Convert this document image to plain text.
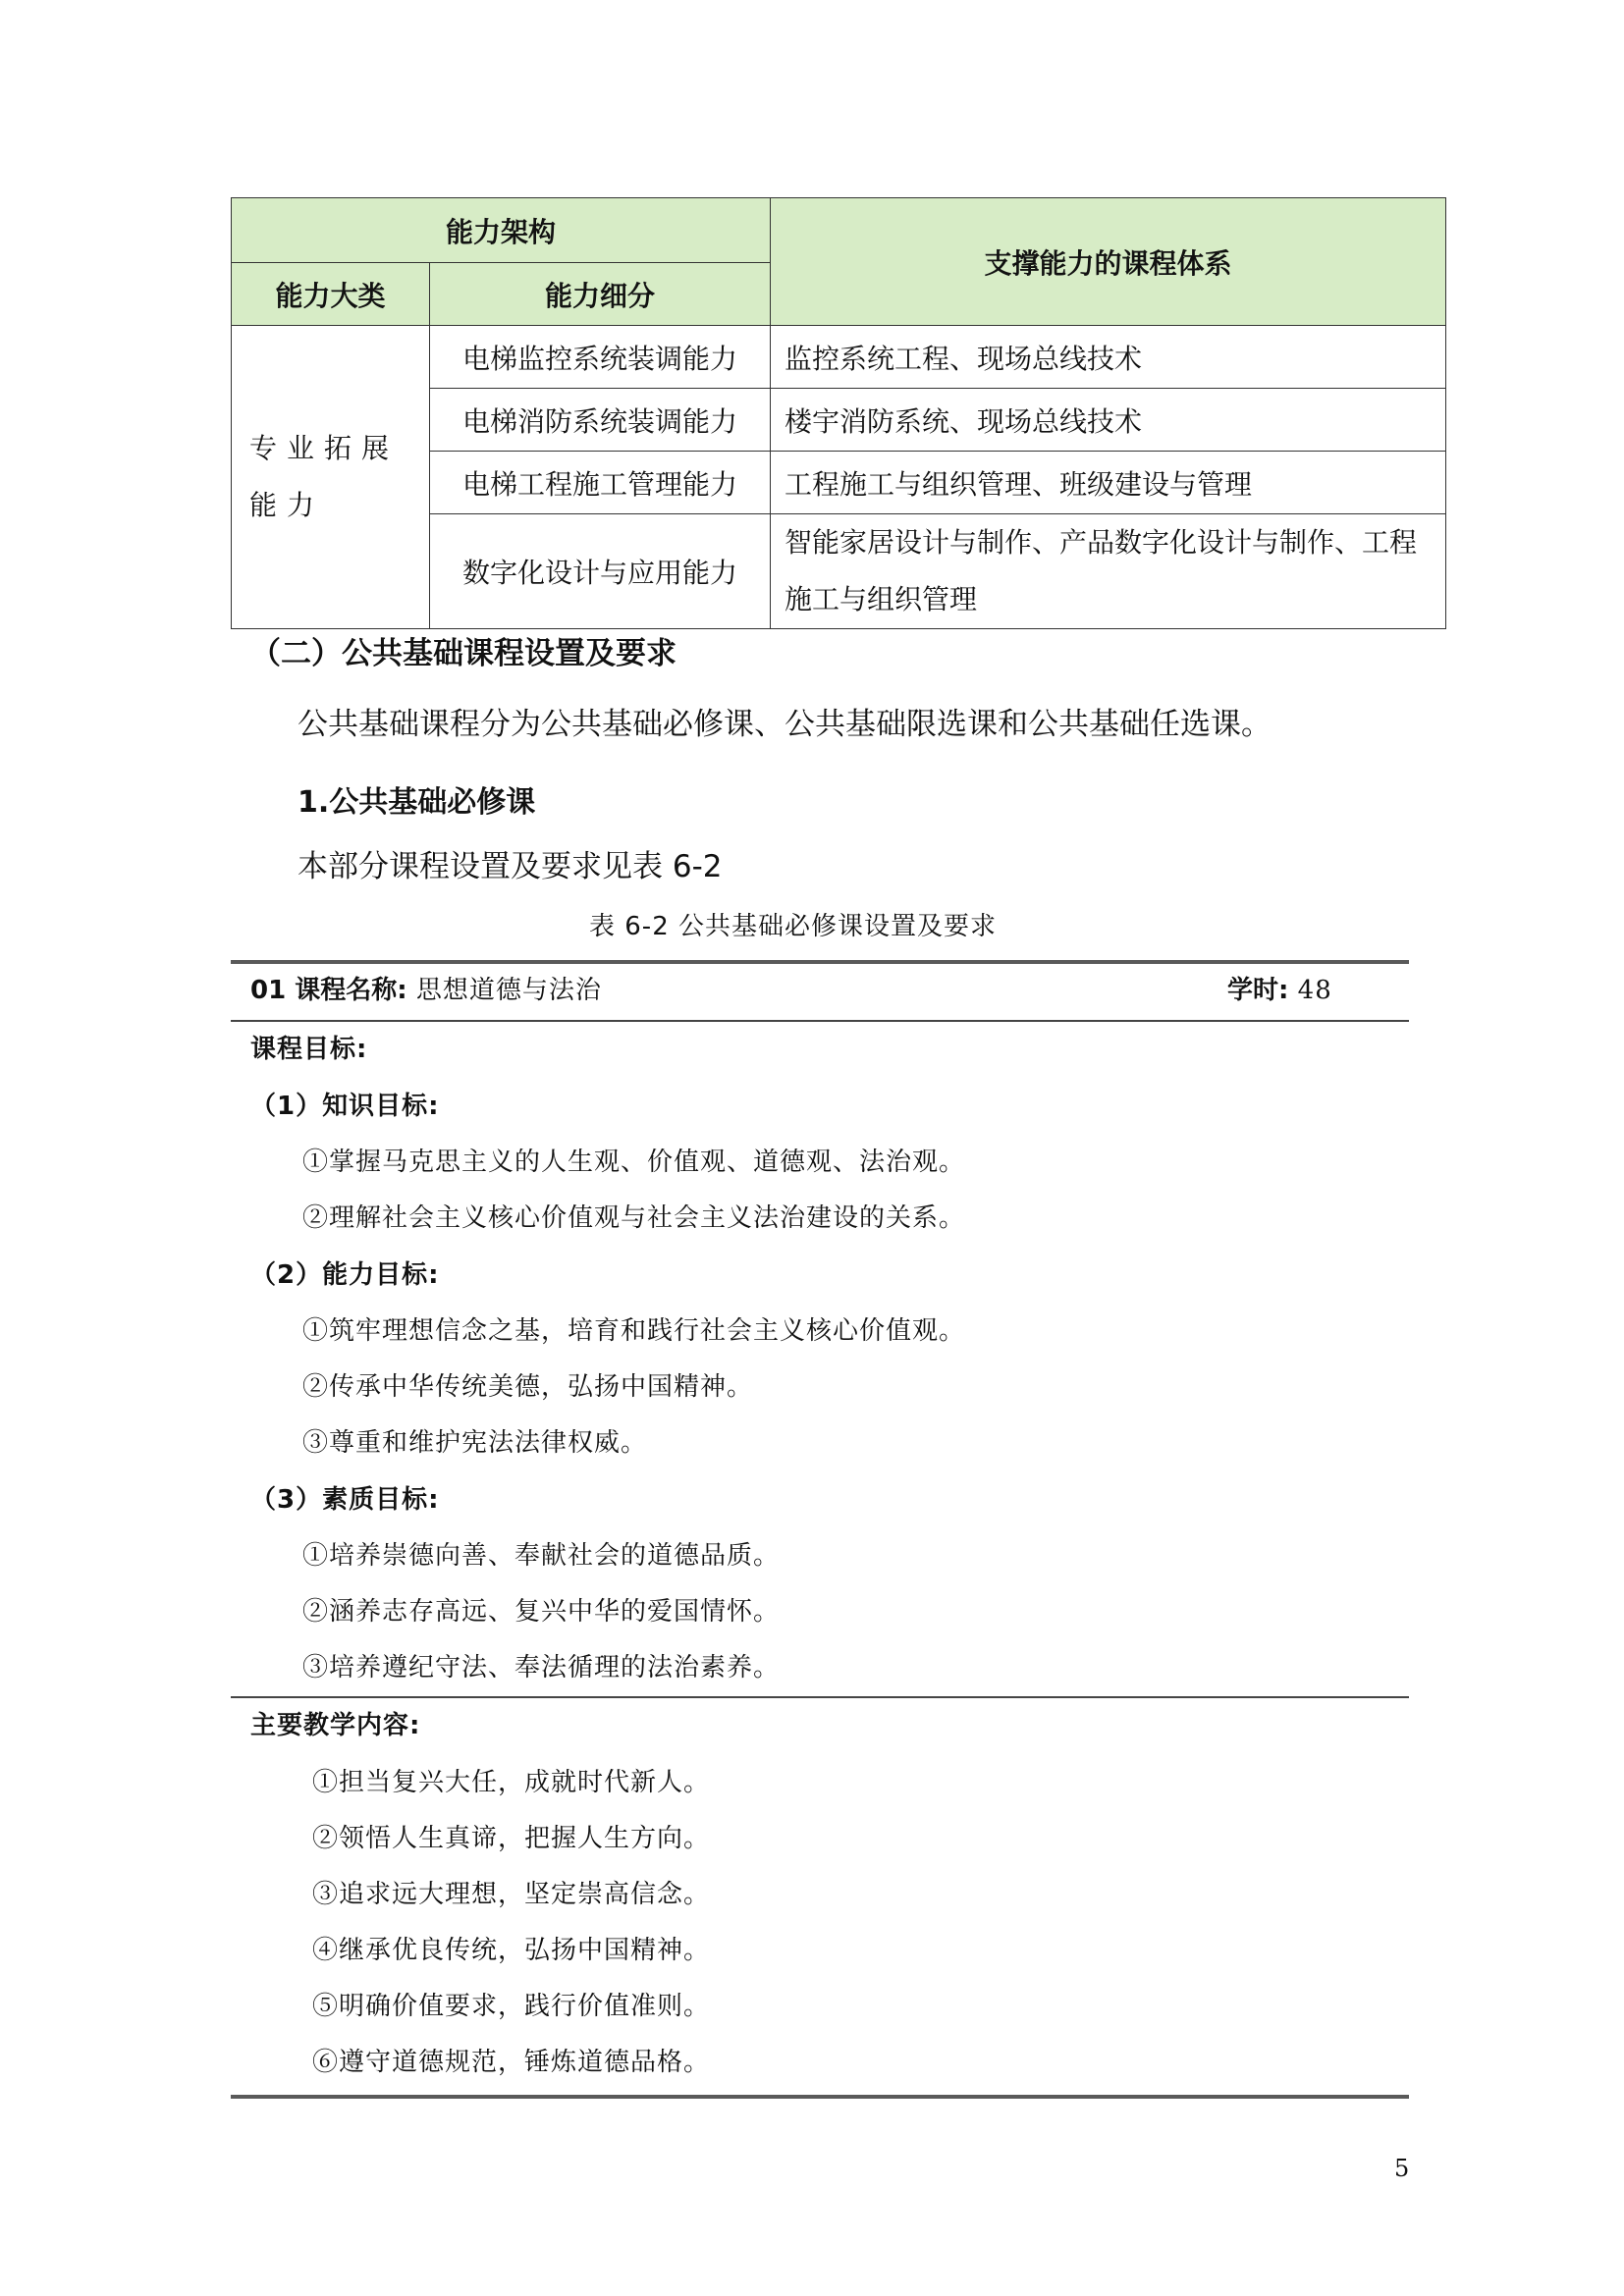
能力架构		支撑能力的课程体系
能力大类	能力细分	
专业拓展能力	电梯监控系统装调能力	监控系统工程、现场总线技术
	电梯消防系统装调能力	楼宇消防系统、现场总线技术
	电梯工程施工管理能力	工程施工与组织管理、班级建设与管理
	数字化设计与应用能力	智能家居设计与制作、产品数字化设计与制作、工程施工与组织管理
（二）公共基础课程设置及要求
公共基础课程分为公共基础必修课、公共基础限选课和公共基础任选课。
1.公共基础必修课
本部分课程设置及要求见表 6-2
表 6-2 公共基础必修课设置及要求
01 课程名称: 思想道德与法治	学时: 48
课程目标:
（1）知识目标:
①掌握马克思主义的人生观、价值观、道德观、法治观。
②理解社会主义核心价值观与社会主义法治建设的关系。
（2）能力目标:
①筑牢理想信念之基，培育和践行社会主义核心价值观。
②传承中华传统美德，弘扬中国精神。
③尊重和维护宪法法律权威。
（3）素质目标:
①培养崇德向善、奉献社会的道德品质。
②涵养志存高远、复兴中华的爱国情怀。
③培养遵纪守法、奉法循理的法治素养。
主要教学内容:
①担当复兴大任，成就时代新人。
②领悟人生真谛，把握人生方向。
③追求远大理想，坚定崇高信念。
④继承优良传统，弘扬中国精神。
⑤明确价值要求，践行价值准则。
⑥遵守道德规范，锤炼道德品格。
5
